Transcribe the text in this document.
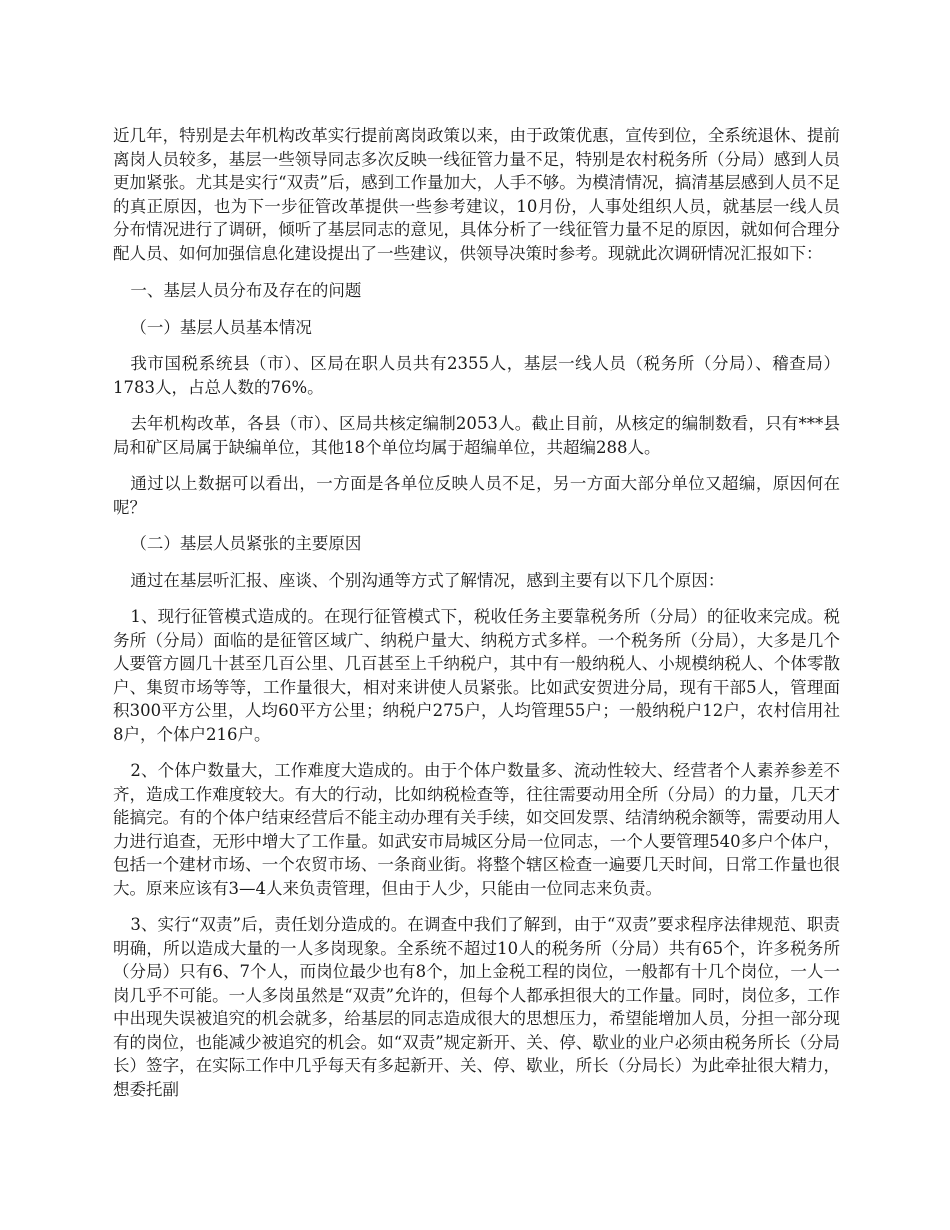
近几年，特别是去年机构改革实行提前离岗政策以来，由于政策优惠，宣传到位，全系统退休、提前离岗人员较多，基层一些领导同志多次反映一线征管力量不足，特别是农村税务所（分局）感到人员更加紧张。尤其是实行“双责”后，感到工作量加大，人手不够。为模清情况，搞清基层感到人员不足的真正原因，也为下一步征管改革提供一些参考建议，10月份，人事处组织人员，就基层一线人员分布情况进行了调研，倾听了基层同志的意见，具体分析了一线征管力量不足的原因，就如何合理分配人员、如何加强信息化建设提出了一些建议，供领导决策时参考。现就此次调研情况汇报如下：

一、基层人员分布及存在的问题

（一）基层人员基本情况

我市国税系统县（市）、区局在职人员共有2355人，基层一线人员（税务所（分局）、稽查局）1783人，占总人数的76%。

去年机构改革，各县（市）、区局共核定编制2053人。截止目前，从核定的编制数看，只有***县局和矿区局属于缺编单位，其他18个单位均属于超编单位，共超编288人。

通过以上数据可以看出，一方面是各单位反映人员不足，另一方面大部分单位又超编，原因何在呢？

（二）基层人员紧张的主要原因

通过在基层听汇报、座谈、个别沟通等方式了解情况，感到主要有以下几个原因：

1、现行征管模式造成的。在现行征管模式下，税收任务主要靠税务所（分局）的征收来完成。税务所（分局）面临的是征管区域广、纳税户量大、纳税方式多样。一个税务所（分局），大多是几个人要管方圆几十甚至几百公里、几百甚至上千纳税户，其中有一般纳税人、小规模纳税人、个体零散户、集贸市场等等，工作量很大，相对来讲使人员紧张。比如武安贺进分局，现有干部5人，管理面积300平方公里，人均60平方公里；纳税户275户，人均管理55户；一般纳税户12户，农村信用社8户，个体户216户。

2、个体户数量大，工作难度大造成的。由于个体户数量多、流动性较大、经营者个人素养参差不齐，造成工作难度较大。有大的行动，比如纳税检查等，往往需要动用全所（分局）的力量，几天才能搞完。有的个体户结束经营后不能主动办理有关手续，如交回发票、结清纳税余额等，需要动用人力进行追查，无形中增大了工作量。如武安市局城区分局一位同志，一个人要管理540多户个体户，包括一个建材市场、一个农贸市场、一条商业街。将整个辖区检查一遍要几天时间，日常工作量也很大。原来应该有3—4人来负责管理，但由于人少，只能由一位同志来负责。

3、实行“双责”后，责任划分造成的。在调查中我们了解到，由于“双责”要求程序法律规范、职责明确，所以造成大量的一人多岗现象。全系统不超过10人的税务所（分局）共有65个，许多税务所（分局）只有6、7个人，而岗位最少也有8个，加上金税工程的岗位，一般都有十几个岗位，一人一岗几乎不可能。一人多岗虽然是“双责”允许的，但每个人都承担很大的工作量。同时，岗位多，工作中出现失误被追究的机会就多，给基层的同志造成很大的思想压力，希望能增加人员，分担一部分现有的岗位，也能减少被追究的机会。如“双责”规定新开、关、停、歇业的业户必须由税务所长（分局长）签字，在实际工作中几乎每天有多起新开、关、停、歇业，所长（分局长）为此牵扯很大精力，想委托副
